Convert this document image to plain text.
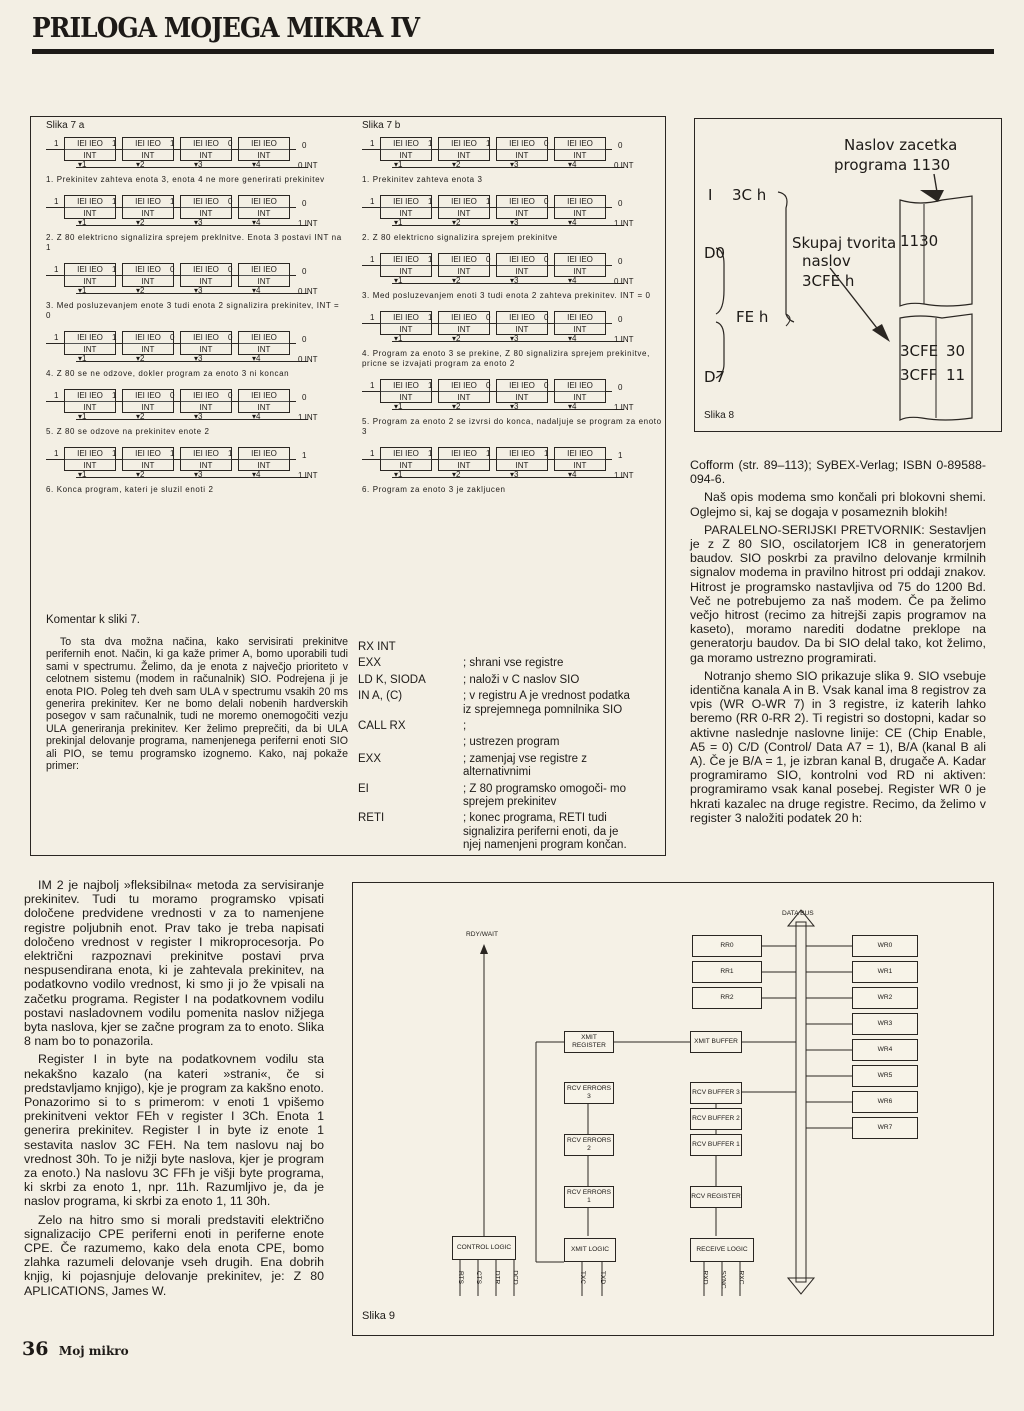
PRILOGA MOJEGA MIKRA IV
Slika 7 a
1	IEI IEO
INT
▾1
1	IEI IEO
INT
▾2
1	IEI IEO
INT
▾3
0	IEI IEO
INT
▾4
0
0 INT
1. Prekinitev zahteva enota 3, enota 4 ne more generirati prekinitev
1	IEI IEO
INT
▾1
1	IEI IEO
INT
▾2
1	IEI IEO
INT
▾3
0	IEI IEO
INT
▾4
0
1 INT
2. Z 80 elektricno signalizira sprejem preklnitve. Enota 3 postavi INT na 1
1	IEI IEO
INT
▾1
1	IEI IEO
INT
▾2
0	IEI IEO
INT
▾3
0	IEI IEO
INT
▾4
0
0 INT
3. Med posluzevanjem enote 3 tudi enota 2 signalizira prekinitev, INT = 0
1	IEI IEO
INT
▾1
1	IEI IEO
INT
▾2
0	IEI IEO
INT
▾3
0	IEI IEO
INT
▾4
0
0 INT
4. Z 80 se ne odzove, dokler program za enoto 3 ni koncan
1	IEI IEO
INT
▾1
1	IEI IEO
INT
▾2
0	IEI IEO
INT
▾3
0	IEI IEO
INT
▾4
0
1 INT
5. Z 80 se odzove na prekinitev enote 2
1	IEI IEO
INT
▾1
1	IEI IEO
INT
▾2
1	IEI IEO
INT
▾3
1	IEI IEO
INT
▾4
1
1 INT
6. Konca program, kateri je sluzil enoti 2
Slika 7 b
1	IEI IEO
INT
▾1
1	IEI IEO
INT
▾2
1	IEI IEO
INT
▾3
0	IEI IEO
INT
▾4
0
0 INT
1. Prekinitev zahteva enota 3
1	IEI IEO
INT
▾1
1	IEI IEO
INT
▾2
1	IEI IEO
INT
▾3
0	IEI IEO
INT
▾4
0
1 INT
2. Z 80 elektricno signalizira sprejem prekinitve
1	IEI IEO
INT
▾1
1	IEI IEO
INT
▾2
0	IEI IEO
INT
▾3
0	IEI IEO
INT
▾4
0
0 INT
3. Med posluzevanjem enoti 3 tudi enota 2 zahteva prekinitev. INT = 0
1	IEI IEO
INT
▾1
1	IEI IEO
INT
▾2
0	IEI IEO
INT
▾3
0	IEI IEO
INT
▾4
0
1 INT
4. Program za enoto 3 se prekine, Z 80 signalizira sprejem prekinitve, pricne se izvajati program za enoto 2
1	IEI IEO
INT
▾1
1	IEI IEO
INT
▾2
0	IEI IEO
INT
▾3
0	IEI IEO
INT
▾4
0
1 INT
5. Program za enoto 2 se izvrsi do konca, nadaljuje se program za enoto 3
1	IEI IEO
INT
▾1
1	IEI IEO
INT
▾2
1	IEI IEO
INT
▾3
1	IEI IEO
INT
▾4
1
1 INT
6. Program za enoto 3 je zakljucen
Komentar k sliki 7.

To sta dva možna načina, kako servisirati prekinitve perifernih enot. Način, ki ga kaže primer A, bomo uporabili tudi sami v spectrumu. Želimo, da je enota z največjo prioriteto v celotnem sistemu (modem in računalnik) SIO. Podrejena ji je enota PIO. Poleg teh dveh sam ULA v spectrumu vsakih 20 ms generira prekinitev. Ker ne bomo delali nobenih hardverskih posegov v sam računalnik, tudi ne moremo onemogočiti vezju ULA generiranja prekinitev. Ker želimo preprečiti, da bi ULA prekinjal delovanje programa, namenjenega periferni enoti SIO ali PIO, se temu programsko izognemo. Kako, naj pokaže primer:

RX INT
EXX	; shrani vse registre
LD K, SIODA	; naloži v C naslov SIO
IN A, (C)	; v registru A je vrednost podatka iz sprejemnega pomnilnika SIO
CALL RX	;
; ustrezen program
EXX	; zamenjaj vse registre z alternativnimi
EI	; Z 80 programsko omogoči- mo sprejem prekinitev
RETI	; konec programa, RETI tudi signalizira periferni enoti, da je njej namenjeni program končan.
Naslov zacetka
programa 1130
I 3C h
D0
FE h
D7
Skupaj tvorita
naslov
3CFE h
1130
3CFE 30
3CFF 11
Slika 8
Cofform (str. 89–113); SyBEX-Verlag; ISBN 0-89588-094-6.

Naš opis modema smo končali pri blokovni shemi. Oglejmo si, kaj se dogaja v posameznih blokih!

PARALELNO-SERIJSKI PRETVORNIK: Sestavljen je z Z 80 SIO, oscilatorjem IC8 in generatorjem baudov. SIO poskrbi za pravilno delovanje krmilnih signalov modema in pravilno hitrost pri oddaji znakov. Hitrost je programsko nastavljiva od 75 do 1200 Bd. Več ne potrebujemo za naš modem. Če pa želimo večjo hitrost (recimo za hitrejši zapis programov na kaseto), moramo narediti dodatne preklope na generatorju baudov. Da bi SIO delal tako, kot želimo, ga moramo ustrezno programirati.

Notranjo shemo SIO prikazuje slika 9. SIO vsebuje identična kanala A in B. Vsak kanal ima 8 registrov za vpis (WR O-WR 7) in 3 registre, iz katerih lahko beremo (RR 0-RR 2). Ti registri so dostopni, kadar so aktivne naslednje naslovne linije: CE (Chip Enable, A5 = 0) C/D (Control/ Data A7 = 1), B/A (kanal B ali A). Če je B/A = 1, je izbran kanal B, drugače A. Kadar programiramo SIO, kontrolni vod RD ni aktiven: programiramo vsak kanal posebej. Register WR 0 je hkrati kazalec na druge registre. Recimo, da želimo v register 3 naložiti podatek 20 h:

IM 2 je najbolj »fleksibilna« metoda za servisiranje prekinitev. Tudi tu moramo programsko vpisati določene predvidene vrednosti v za to namenjene registre poljubnih enot. Prav tako je treba napisati določeno vrednost v register I mikroprocesorja. Po električni razpoznavi prekinitve postavi prva nespusendirana enota, ki je zahtevala prekinitev, na podatkovno vodilo vrednost, ki smo ji jo že vpisali na začetku programa. Register I na podatkovnem vodilu postavi nasladovnem vodilu pomenita naslov nižjega byta naslova, kjer se začne program za to enoto. Slika 8 nam bo to ponazorila.

Register I in byte na podatkovnem vodilu sta nekakšno kazalo (na kateri »strani«, če si predstavljamo knjigo), kje je program za kakšno enoto. Ponazorimo si to s primerom: v enoti 1 vpišemo prekinitveni vektor FEh v register I 3Ch. Enota 1 generira prekinitev. Register I in byte iz enote 1 sestavita naslov 3C FEH. Na tem naslovu naj bo vrednost 30h. To je nižji byte naslova, kjer je program za enoto.) Na naslovu 3C FFh je višji byte programa, ki skrbi za enoto 1, npr. 11h. Razumljivo je, da je naslov programa, ki skrbi za enoto 1, 11 30h.

Zelo na hitro smo si morali predstaviti električno signalizacijo CPE periferni enoti in periferne enote CPE. Če razumemo, kako dela enota CPE, bomo zlahka razumeli delovanje vseh drugih. Ena dobrih knjig, ki pojasnjuje delovanje prekinitev, je: Z 80 APLICATIONS, James W.

Slika 9
DATA BUS
RDY/WAIT
RR0
RR1
RR2
WR0
WR1
WR2
WR3
WR4
WR5
WR6
WR7
XMIT REGISTER
XMIT BUFFER
RCV ERRORS 3
RCV ERRORS 2
RCV ERRORS 1
RCV BUFFER 3
RCV BUFFER 2
RCV BUFFER 1
RCV REGISTER
CONTROL LOGIC	XMIT LOGIC	RECEIVE LOGIC
RTS CTS DTR DCD	TXC TXD	RXD SYNC RXC
36 Moj mikro
